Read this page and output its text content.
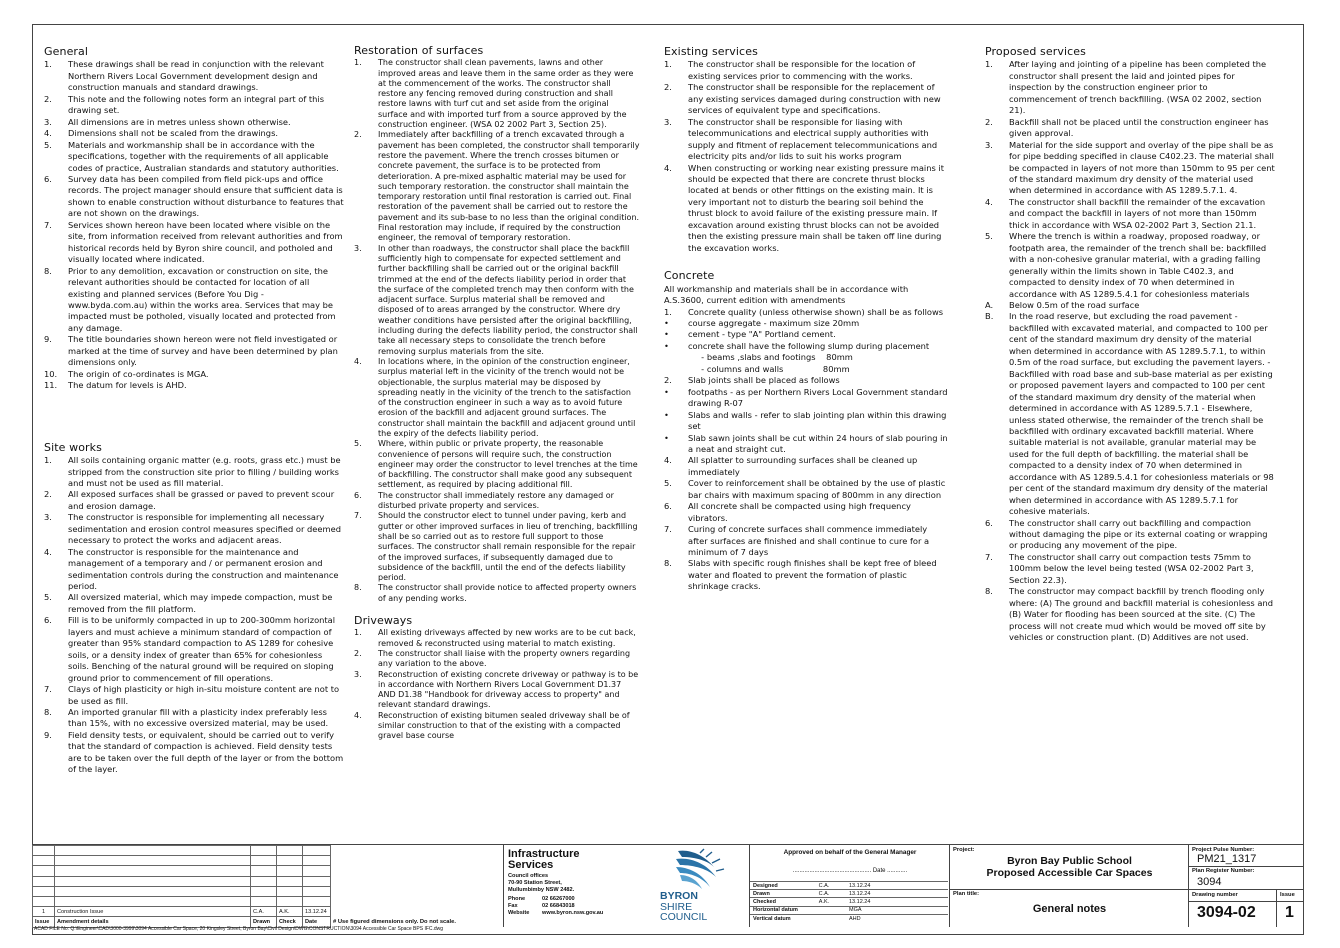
General
1. These drawings shall be read in conjunction with the relevant Northern Rivers Local Government development design and construction manuals and standard drawings.
2. This note and the following notes form an integral part of this drawing set.
3. All dimensions are in metres unless shown otherwise.
4. Dimensions shall not be scaled from the drawings.
5. Materials and workmanship shall be in accordance with the specifications, together with the requirements of all applicable codes of practice, Australian standards and statutory authorities.
6. Survey data has been compiled from field pick-ups and office records. The project manager should ensure that sufficient data is shown to enable construction without disturbance to features that are not shown on the drawings.
7. Services shown hereon have been located where visible on the site, from information received from relevant authorities and from historical records held by Byron shire council, and potholed and visually located where indicated.
8. Prior to any demolition, excavation or construction on site, the relevant authorities should be contacted for location of all existing and planned services (Before You Dig - www.byda.com.au) within the works area. Services that may be impacted must be potholed, visually located and protected from any damage.
9. The title boundaries shown hereon were not field investigated or marked at the time of survey and have been determined by plan dimensions only.
10. The origin of co-ordinates is MGA.
11. The datum for levels is AHD.
Site works
1. All soils containing organic matter (e.g. roots, grass etc.) must be stripped from the construction site prior to filling / building works and must not be used as fill material.
2. All exposed surfaces shall be grassed or paved to prevent scour and erosion damage.
3. The constructor is responsible for implementing all necessary sedimentation and erosion control measures specified or deemed necessary to protect the works and adjacent areas.
4. The constructor is responsible for the maintenance and management of a temporary and / or permanent erosion and sedimentation controls during the construction and maintenance period.
5. All oversized material, which may impede compaction, must be removed from the fill platform.
6. Fill is to be uniformly compacted in up to 200-300mm horizontal layers and must achieve a minimum standard of compaction of greater than 95% standard compaction to AS 1289 for cohesive soils, or a density index of greater than 65% for cohesionless soils. Benching of the natural ground will be required on sloping ground prior to commencement of fill operations.
7. Clays of high plasticity or high in-situ moisture content are not to be used as fill.
8. An imported granular fill with a plasticity index preferably less than 15%, with no excessive oversized material, may be used.
9. Field density tests, or equivalent, should be carried out to verify that the standard of compaction is achieved. Field density tests are to be taken over the full depth of the layer or from the bottom of the layer.
Restoration of surfaces
1. The constructor shall clean pavements, lawns and other improved areas and leave them in the same order as they were at the commencement of the works. The constructor shall restore any fencing removed during construction and shall restore lawns with turf cut and set aside from the original surface and with imported turf from a source approved by the construction engineer. (WSA 02 2002 Part 3, Section 25).
2. Immediately after backfilling of a trench excavated through a pavement has been completed, the constructor shall temporarily restore the pavement. Where the trench crosses bitumen or concrete pavement, the surface is to be protected from deterioration. A pre-mixed asphaltic material may be used for such temporary restoration. the constructor shall maintain the temporary restoration until final restoration is carried out. Final restoration of the pavement shall be carried out to restore the pavement and its sub-base to no less than the original condition. Final restoration may include, if required by the construction engineer, the removal of temporary restoration.
3. In other than roadways, the constructor shall place the backfill sufficiently high to compensate for expected settlement and further backfilling shall be carried out or the original backfill trimmed at the end of the defects liability period in order that the surface of the completed trench may then conform with the adjacent surface. Surplus material shall be removed and disposed of to areas arranged by the constructor. Where dry weather conditions have persisted after the original backfilling, including during the defects liability period, the constructor shall take all necessary steps to consolidate the trench before removing surplus materials from the site.
4. In locations where, in the opinion of the construction engineer, surplus material left in the vicinity of the trench would not be objectionable, the surplus material may be disposed by spreading neatly in the vicinity of the trench to the satisfaction of the construction engineer in such a way as to avoid future erosion of the backfill and adjacent ground surfaces. The constructor shall maintain the backfill and adjacent ground until the expiry of the defects liability period.
5. Where, within public or private property, the reasonable convenience of persons will require such, the construction engineer may order the constructor to level trenches at the time of backfilling. The constructor shall make good any subsequent settlement, as required by placing additional fill.
6. The constructor shall immediately restore any damaged or disturbed private property and services.
7. Should the constructor elect to tunnel under paving, kerb and gutter or other improved surfaces in lieu of trenching, backfilling shall be so carried out as to restore full support to those surfaces. The constructor shall remain responsible for the repair of the improved surfaces, if subsequently damaged due to subsidence of the backfill, until the end of the defects liability period.
8. The constructor shall provide notice to affected property owners of any pending works.
Driveways
1. All existing driveways affected by new works are to be cut back, removed & reconstructed using material to match existing.
2. The constructor shall liaise with the property owners regarding any variation to the above.
3. Reconstruction of existing concrete driveway or pathway is to be in accordance with Northern Rivers Local Government D1.37 AND D1.38 "Handbook for driveway access to property" and relevant standard drawings.
4. Reconstruction of existing bitumen sealed driveway shall be of similar construction to that of the existing with a compacted gravel base course
Existing services
1. The constructor shall be responsible for the location of existing services prior to commencing with the works.
2. The constructor shall be responsible for the replacement of any existing services damaged during construction with new services of equivalent type and specifications.
3. The constructor shall be responsible for liasing with telecommunications and electrical supply authorities with supply and fitment of replacement telecommunications and electricity pits and/or lids to suit his works program
4. When constructing or working near existing pressure mains it should be expected that there are concrete thrust blocks located at bends or other fittings on the existing main. It is very important not to disturb the bearing soil behind the thrust block to avoid failure of the existing pressure main. If excavation around existing thrust blocks can not be avoided then the existing pressure main shall be taken off line during the excavation works.
Concrete

All workmanship and materials shall be in accordance with A.S.3600, current edition with amendments

1. Concrete quality (unless otherwise shown) shall be as follows
• course aggregate - maximum size 20mm
• cement - type "A" Portland cement.
• concrete shall have the following slump during placement
- beams ,slabs and footings    80mm
- columns and walls               80mm
2. Slab joints shall be placed as follows
• footpaths - as per Northern Rivers Local Government standard drawing R-07
• Slabs and walls - refer to slab jointing plan within this drawing set
• Slab sawn joints shall be cut within 24 hours of slab pouring in a neat and straight cut.
4. All splatter to surrounding surfaces shall be cleaned up immediately
5. Cover to reinforcement shall be obtained by the use of plastic bar chairs with maximum spacing of 800mm in any direction
6. All concrete shall be compacted using high frequency vibrators.
7. Curing of concrete surfaces shall commence immediately after surfaces are finished and shall continue to cure for a minimum of 7 days
8. Slabs with specific rough finishes shall be kept free of bleed water and floated to prevent the formation of plastic shrinkage cracks.
Proposed services
1. After laying and jointing of a pipeline has been completed the constructor shall present the laid and jointed pipes for inspection by the construction engineer prior to commencement of trench backfilling. (WSA 02 2002, section 21).
2. Backfill shall not be placed until the construction engineer has given approval.
3. Material for the side support and overlay of the pipe shall be as for pipe bedding specified in clause C402.23. The material shall be compacted in layers of not more than 150mm to 95 per cent of the standard maximum dry density of the material used when determined in accordance with AS 1289.5.7.1. 4.
4. The constructor shall backfill the remainder of the excavation and compact the backfill in layers of not more than 150mm thick in accordance with WSA 02-2002 Part 3, Section 21.1.
5. Where the trench is within a roadway, proposed roadway, or footpath area, the remainder of the trench shall be: backfilled with a non-cohesive granular material, with a grading falling generally within the limits shown in Table C402.3, and compacted to density index of 70 when determined in accordance with AS 1289.5.4.1 for cohesionless materials
A. Below 0.5m of the road surface
B. In the road reserve, but excluding the road pavement - backfilled with excavated material, and compacted to 100 per cent of the standard maximum dry density of the material when determined in accordance with AS 1289.5.7.1, to within 0.5m of the road surface, but excluding the pavement layers. - Backfilled with road base and sub-base material as per existing or proposed pavement layers and compacted to 100 per cent of the standard maximum dry density of the material when determined in accordance with AS 1289.5.7.1 - Elsewhere, unless stated otherwise, the remainder of the trench shall be backfilled with ordinary excavated backfill material. Where suitable material is not available, granular material may be used for the full depth of backfilling. the material shall be compacted to a density index of 70 when determined in accordance with AS 1289.5.4.1 for cohesionless materials or 98 per cent of the standard maximum dry density of the material when determined in accordance with AS 1289.5.7.1 for cohesive materials.
6. The constructor shall carry out backfilling and compaction without damaging the pipe or its external coating or wrapping or producing any movement of the pipe.
7. The constructor shall carry out compaction tests 75mm to 100mm below the level being tested (WSA 02-2002 Part 3, Section 22.3).
8. The constructor may compact backfill by trench flooding only where: (A) The ground and backfill material is cohesionless and (B) Water for flooding has been sourced at the site. (C) The process will not create mud which would be moved off site by vehicles or construction plant. (D) Additives are not used.

1	Construction Issue	C.A.	A.K.	13.12.24	
Issue	Amendment details	Drawn	Check	Date	# Use figured dimensions only. Do not scale.
Infrastructure
Services
Council offices
70-90 Station Street,
Mullumbimby NSW 2482.
Phone	02 66267000
Fax	02 66843018
Website www.byron.nsw.gov.au
BYRON
SHIRE
COUNCIL
Approved on behalf of the General Manager
............................................... Date ............
Designed	C.A.	13.12.24
Drawn	C.A.	13.12.24
Checked	A.K.	13.12.24
Horizontal datum		MGA
Vertical datum		AHD
Project:
Byron Bay Public School
Proposed Accessible Car Spaces
Plan title:
General notes
Project Pulse Number:
PM21_1317
Plan Register Number:
3094
Drawing number	Issue
3094-02 1
ACAD FILE No: Q:\Engineer\CAD\3000-3999\3094 Accessible Car Space, 20 Kingsley Street, Byron Bay\Civil Design\DWG\CONSTRUCTION\3094 Accessible Car Space BPS IFC.dwg
